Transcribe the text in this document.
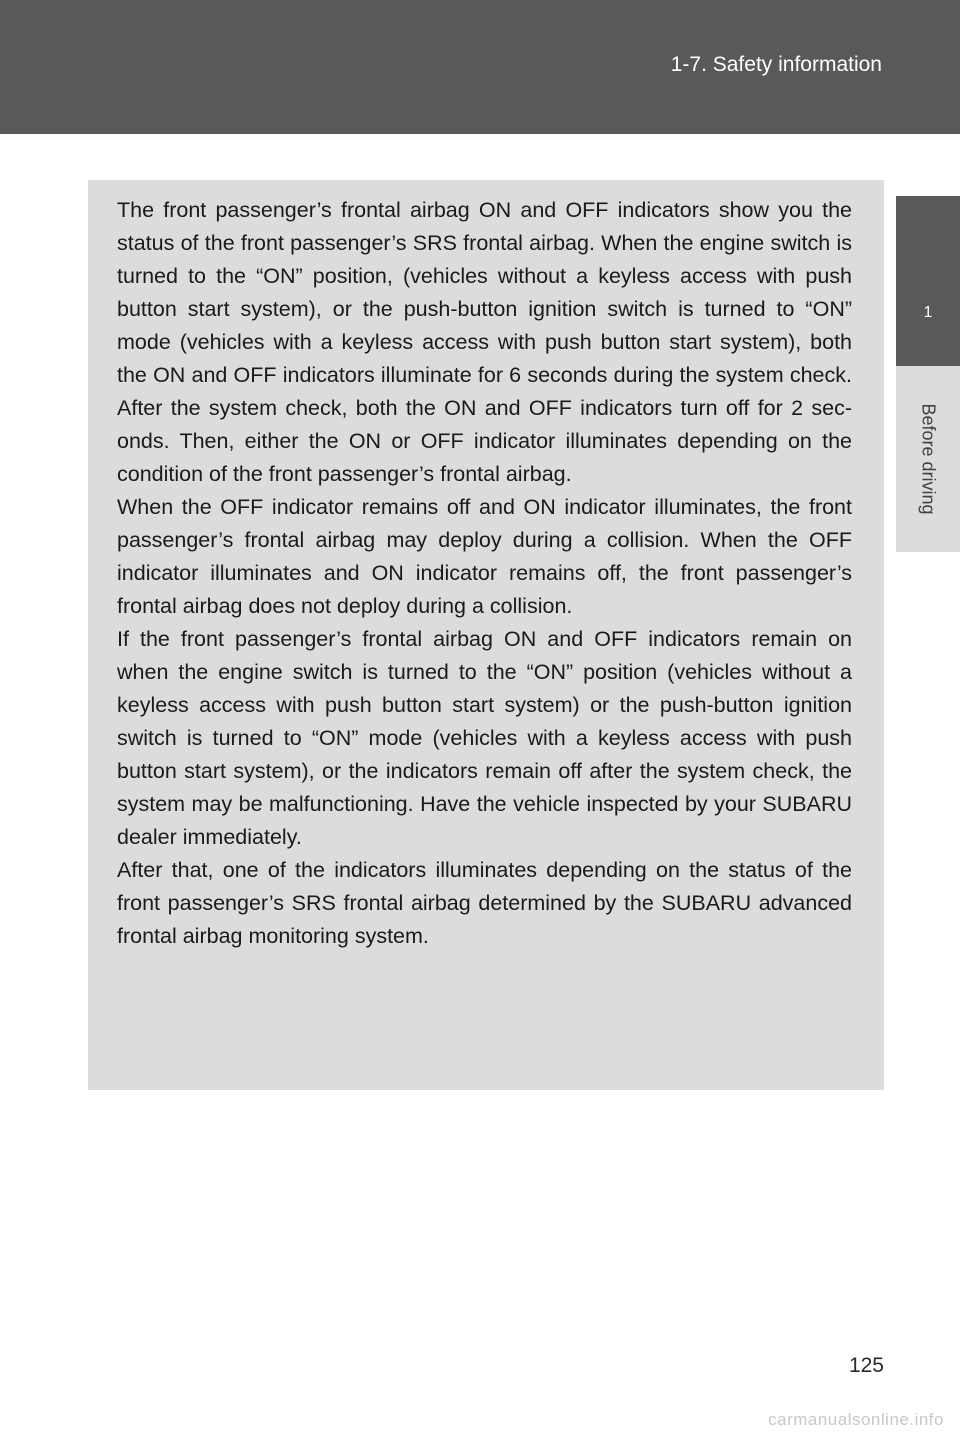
1-7. Safety information
1
Before driving

The front passenger’s frontal airbag ON and OFF indicators show you the status of the front passenger’s SRS frontal airbag. When the engine switch is turned to the “ON” position, (vehicles without a keyless access with push button start system), or the push-button ignition switch is turned to “ON” mode (vehicles with a keyless access with push button start system), both the ON and OFF indicators illuminate for 6 seconds during the system check. After the system check, both the ON and OFF indicators turn off for 2 seconds. Then, either the ON or OFF indicator illuminates depending on the condition of the front passenger’s frontal airbag.

When the OFF indicator remains off and ON indicator illuminates, the front passenger’s frontal airbag may deploy during a collision. When the OFF indicator illuminates and ON indicator remains off, the front passenger’s frontal airbag does not deploy during a collision.

If the front passenger’s frontal airbag ON and OFF indicators remain on when the engine switch is turned to the “ON” position (vehicles without a keyless access with push button start system) or the push-button ignition switch is turned to “ON” mode (vehicles with a keyless access with push button start system), or the indicators remain off after the system check, the system may be malfunctioning. Have the vehicle inspected by your SUBARU dealer immediately.

After that, one of the indicators illuminates depending on the status of the front passenger’s SRS frontal airbag determined by the SUBARU advanced frontal airbag monitoring system.

125
carmanualsonline.info
